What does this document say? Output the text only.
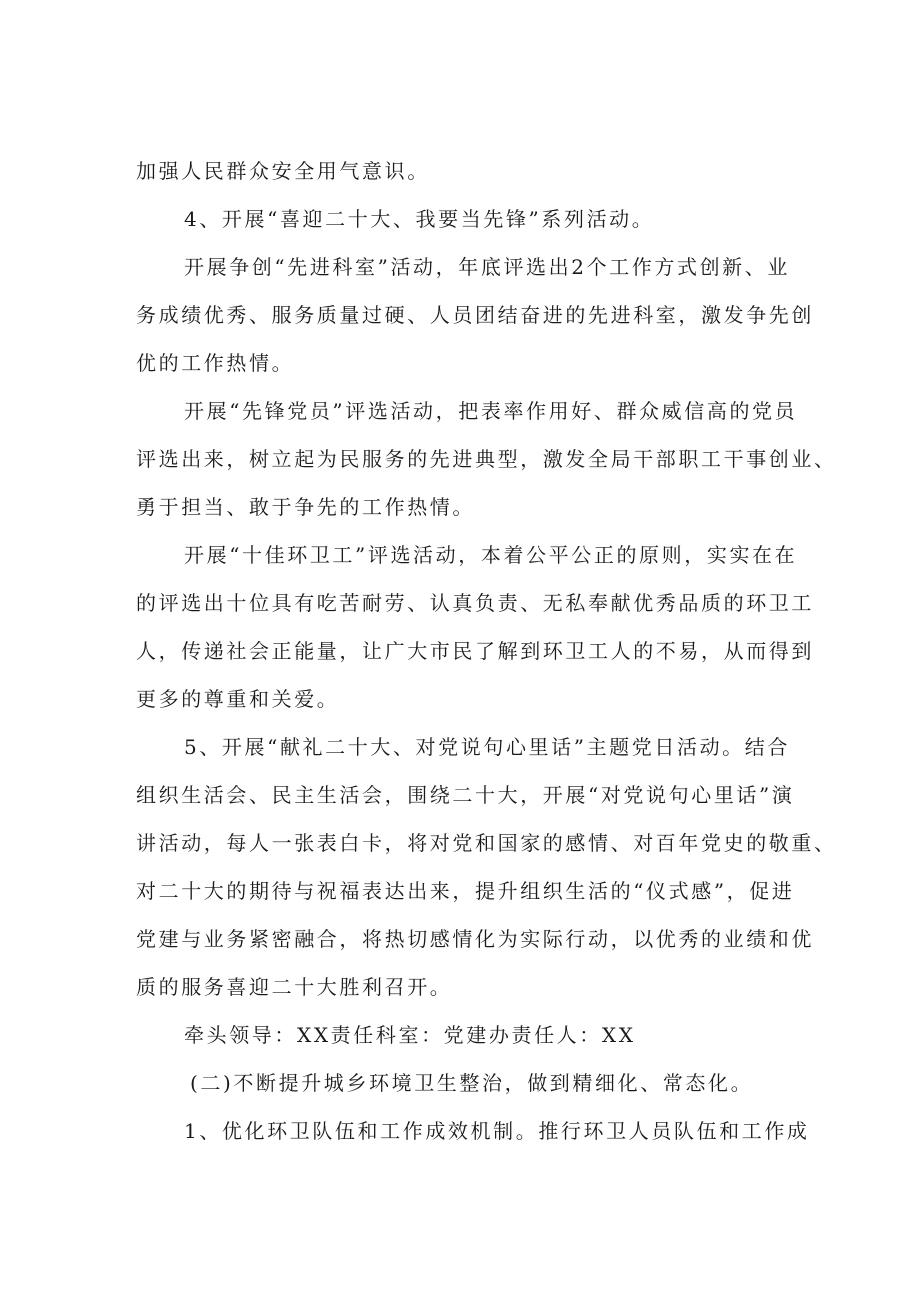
加强人民群众安全用气意识。
4、开展“喜迎二十大、我要当先锋”系列活动。
开展争创“先进科室”活动，年底评选出2个工作方式创新、业
务成绩优秀、服务质量过硬、人员团结奋进的先进科室，激发争先创
优的工作热情。
开展“先锋党员”评选活动，把表率作用好、群众威信高的党员
评选出来，树立起为民服务的先进典型，激发全局干部职工干事创业、
勇于担当、敢于争先的工作热情。
开展“十佳环卫工”评选活动，本着公平公正的原则，实实在在
的评选出十位具有吃苦耐劳、认真负责、无私奉献优秀品质的环卫工
人，传递社会正能量，让广大市民了解到环卫工人的不易，从而得到
更多的尊重和关爱。
5、开展“献礼二十大、对党说句心里话”主题党日活动。结合
组织生活会、民主生活会，围绕二十大，开展“对党说句心里话”演
讲活动，每人一张表白卡，将对党和国家的感情、对百年党史的敬重、
对二十大的期待与祝福表达出来，提升组织生活的“仪式感”，促进
党建与业务紧密融合，将热切感情化为实际行动，以优秀的业绩和优
质的服务喜迎二十大胜利召开。
牵头领导：XX责任科室：党建办责任人：XX
(二)不断提升城乡环境卫生整治，做到精细化、常态化。
1、优化环卫队伍和工作成效机制。推行环卫人员队伍和工作成
